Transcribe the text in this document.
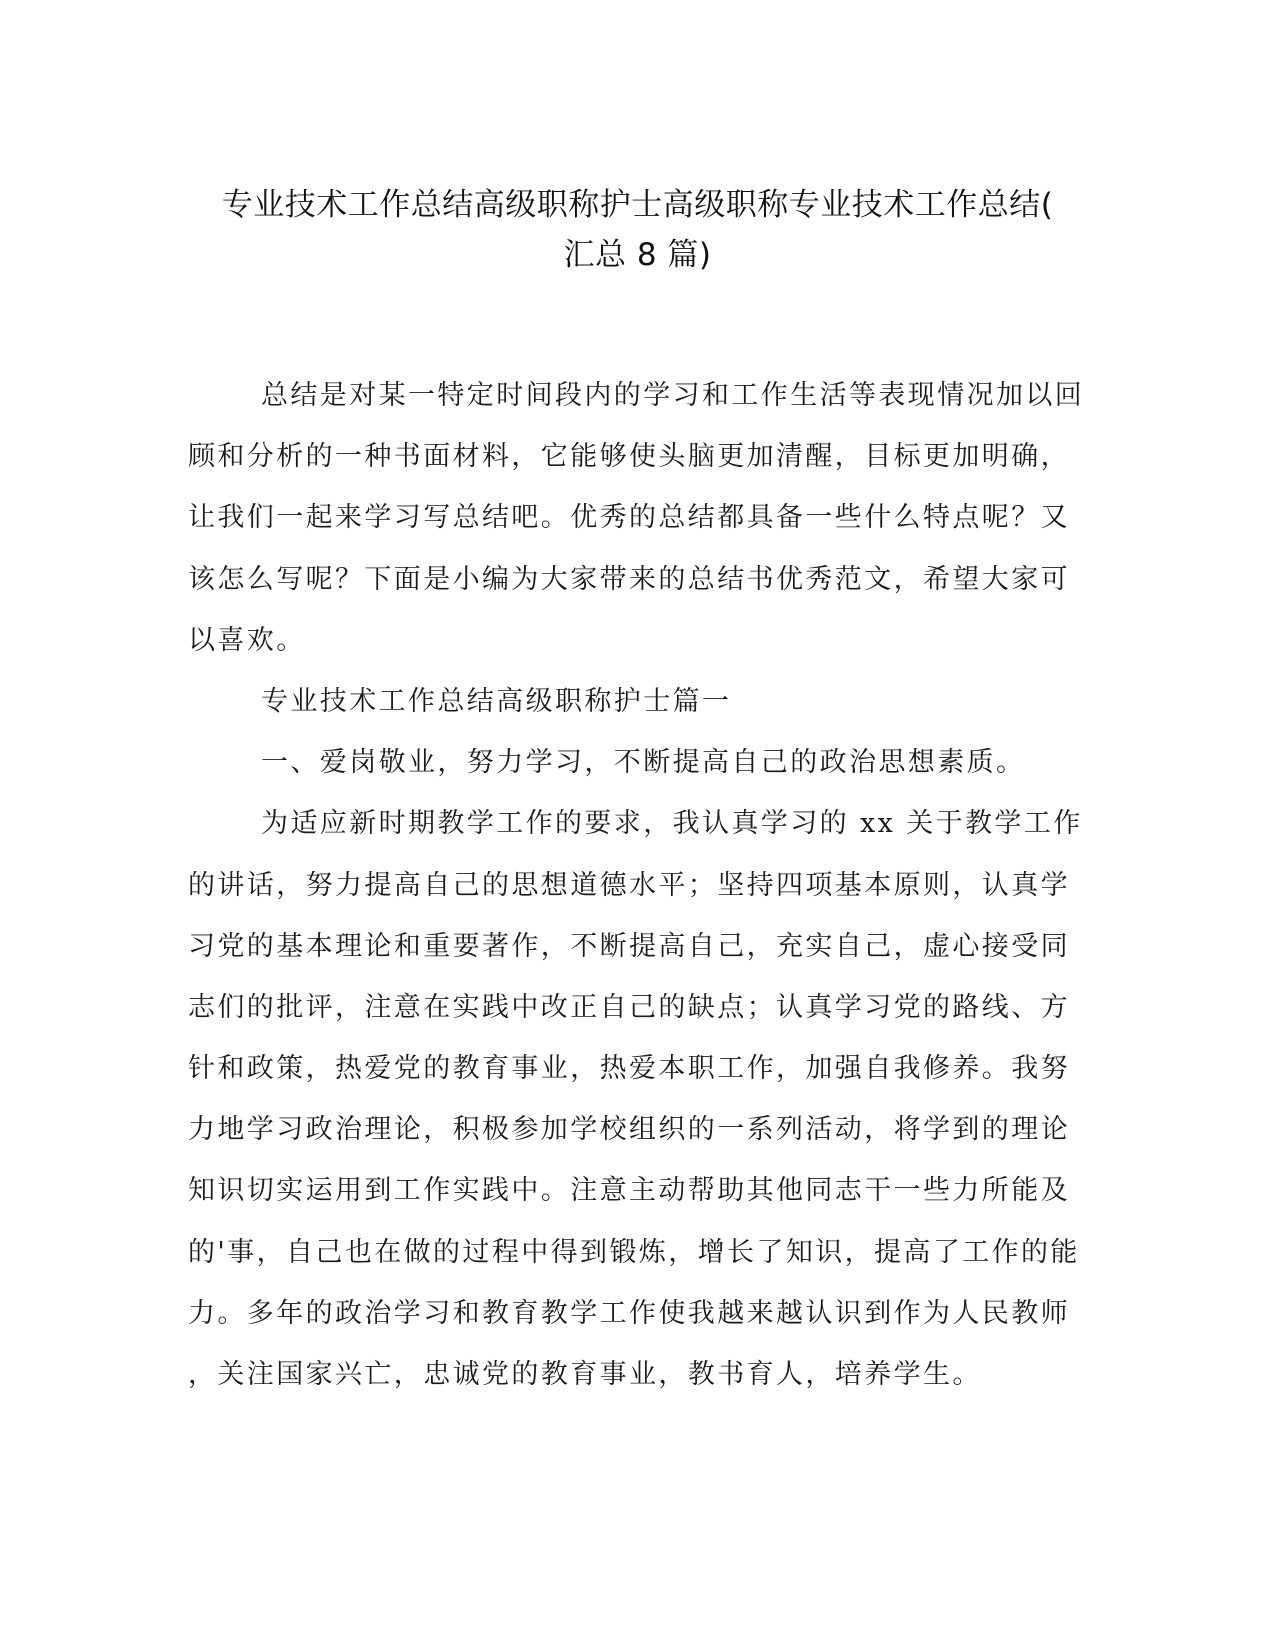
专业技术工作总结高级职称护士高级职称专业技术工作总结(
汇总 8 篇)
总结是对某一特定时间段内的学习和工作生活等表现情况加以回
顾和分析的一种书面材料，它能够使头脑更加清醒，目标更加明确，
让我们一起来学习写总结吧。优秀的总结都具备一些什么特点呢？又
该怎么写呢？下面是小编为大家带来的总结书优秀范文，希望大家可
以喜欢。
专业技术工作总结高级职称护士篇一
一、爱岗敬业，努力学习，不断提高自己的政治思想素质。
为适应新时期教学工作的要求，我认真学习的 xx 关于教学工作
的讲话，努力提高自己的思想道德水平；坚持四项基本原则，认真学
习党的基本理论和重要著作，不断提高自己，充实自己，虚心接受同
志们的批评，注意在实践中改正自己的缺点；认真学习党的路线、方
针和政策，热爱党的教育事业，热爱本职工作，加强自我修养。我努
力地学习政治理论，积极参加学校组织的一系列活动，将学到的理论
知识切实运用到工作实践中。注意主动帮助其他同志干一些力所能及
的'事，自己也在做的过程中得到锻炼，增长了知识，提高了工作的能
力。多年的政治学习和教育教学工作使我越来越认识到作为人民教师
，关注国家兴亡，忠诚党的教育事业，教书育人，培养学生。
